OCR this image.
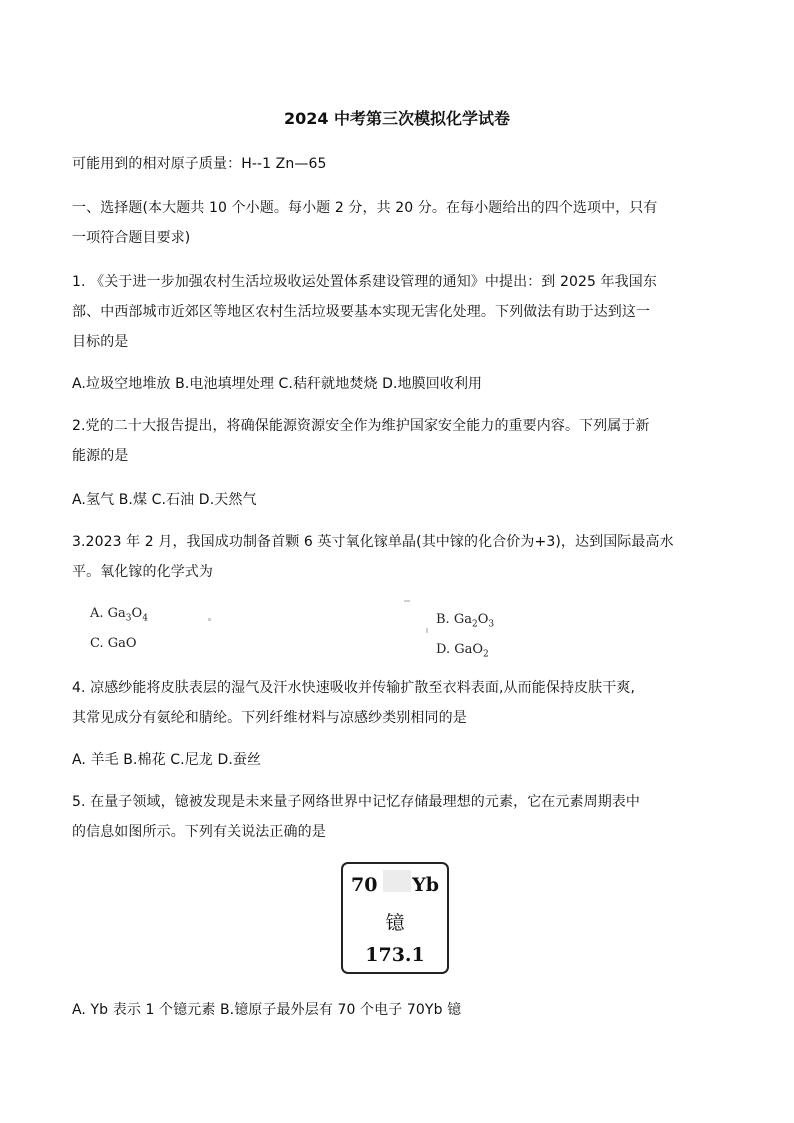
2024 中考第三次模拟化学试卷
可能用到的相对原子质量：H--1 Zn—65
一、选择题(本大题共 10 个小题。每小题 2 分，共 20 分。在每小题给出的四个选项中，只有
一项符合题目要求)
1. 《关于进一步加强农村生活垃圾收运处置体系建设管理的通知》中提出：到 2025 年我国东
部、中西部城市近郊区等地区农村生活垃圾要基本实现无害化处理。下列做法有助于达到这一
目标的是
A.垃圾空地堆放 B.电池填埋处理 C.秸秆就地焚烧 D.地膜回收利用
2.党的二十大报告提出，将确保能源资源安全作为维护国家安全能力的重要内容。下列属于新
能源的是
A.氢气 B.煤 C.石油 D.天然气
3.2023 年 2 月，我国成功制备首颗 6 英寸氧化镓单晶(其中镓的化合价为+3)，达到国际最高水
平。氧化镓的化学式为
A. $Ga_3O_4$	B. $Ga_2O_3$
C. GaO	D. GaO$_2$
4. 凉感纱能将皮肤表层的湿气及汗水快速吸收并传输扩散至衣料表面,从而能保持皮肤干爽,
其常见成分有氨纶和腈纶。下列纤维材料与凉感纱类别相同的是
A. 羊毛 B.棉花 C.尼龙 D.蚕丝
5. 在量子领域，镱被发现是未来量子网络世界中记忆存储最理想的元素，它在元素周期表中
的信息如图所示。下列有关说法正确的是
70 Yb
镱
173.1
A. Yb 表示 1 个镱元素 B.镱原子最外层有 70 个电子 70Yb 镱
